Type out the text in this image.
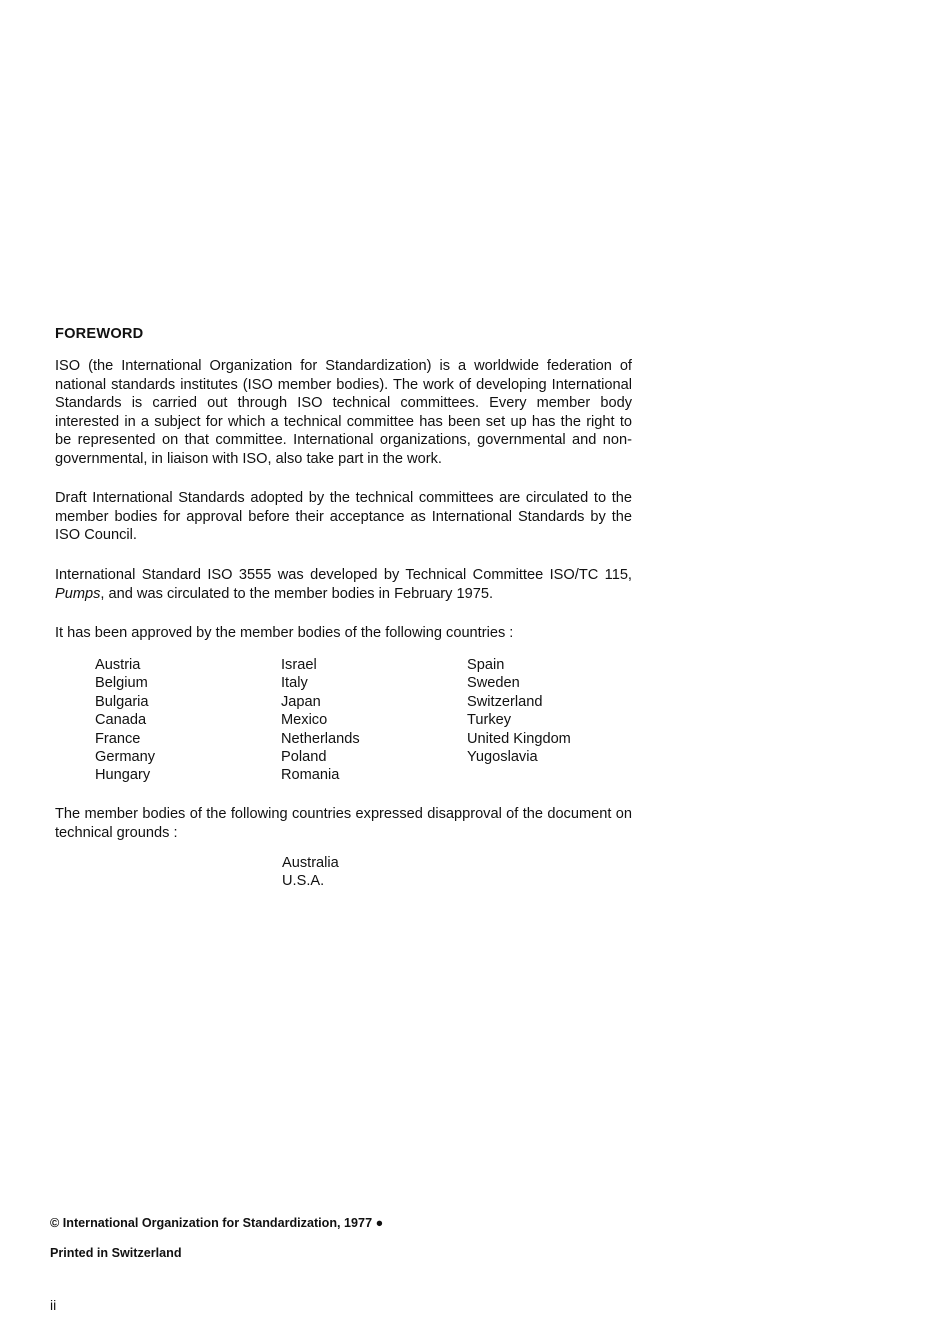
FOREWORD

ISO (the International Organization for Standardization) is a worldwide federation of national standards institutes (ISO member bodies). The work of developing International Standards is carried out through ISO technical committees. Every member body interested in a subject for which a technical committee has been set up has the right to be represented on that committee. International organizations, governmental and non-governmental, in liaison with ISO, also take part in the work.

Draft International Standards adopted by the technical committees are circulated to the member bodies for approval before their acceptance as International Standards by the ISO Council.

International Standard ISO 3555 was developed by Technical Committee ISO/TC 115, Pumps, and was circulated to the member bodies in February 1975.

It has been approved by the member bodies of the following countries :

Austria
Belgium
Bulgaria
Canada
France
Germany
Hungary
Israel
Italy
Japan
Mexico
Netherlands
Poland
Romania
Spain
Sweden
Switzerland
Turkey
United Kingdom
Yugoslavia

The member bodies of the following countries expressed disapproval of the document on technical grounds :

Australia
U.S.A.
© International Organization for Standardization, 1977 ●
Printed in Switzerland
ii
